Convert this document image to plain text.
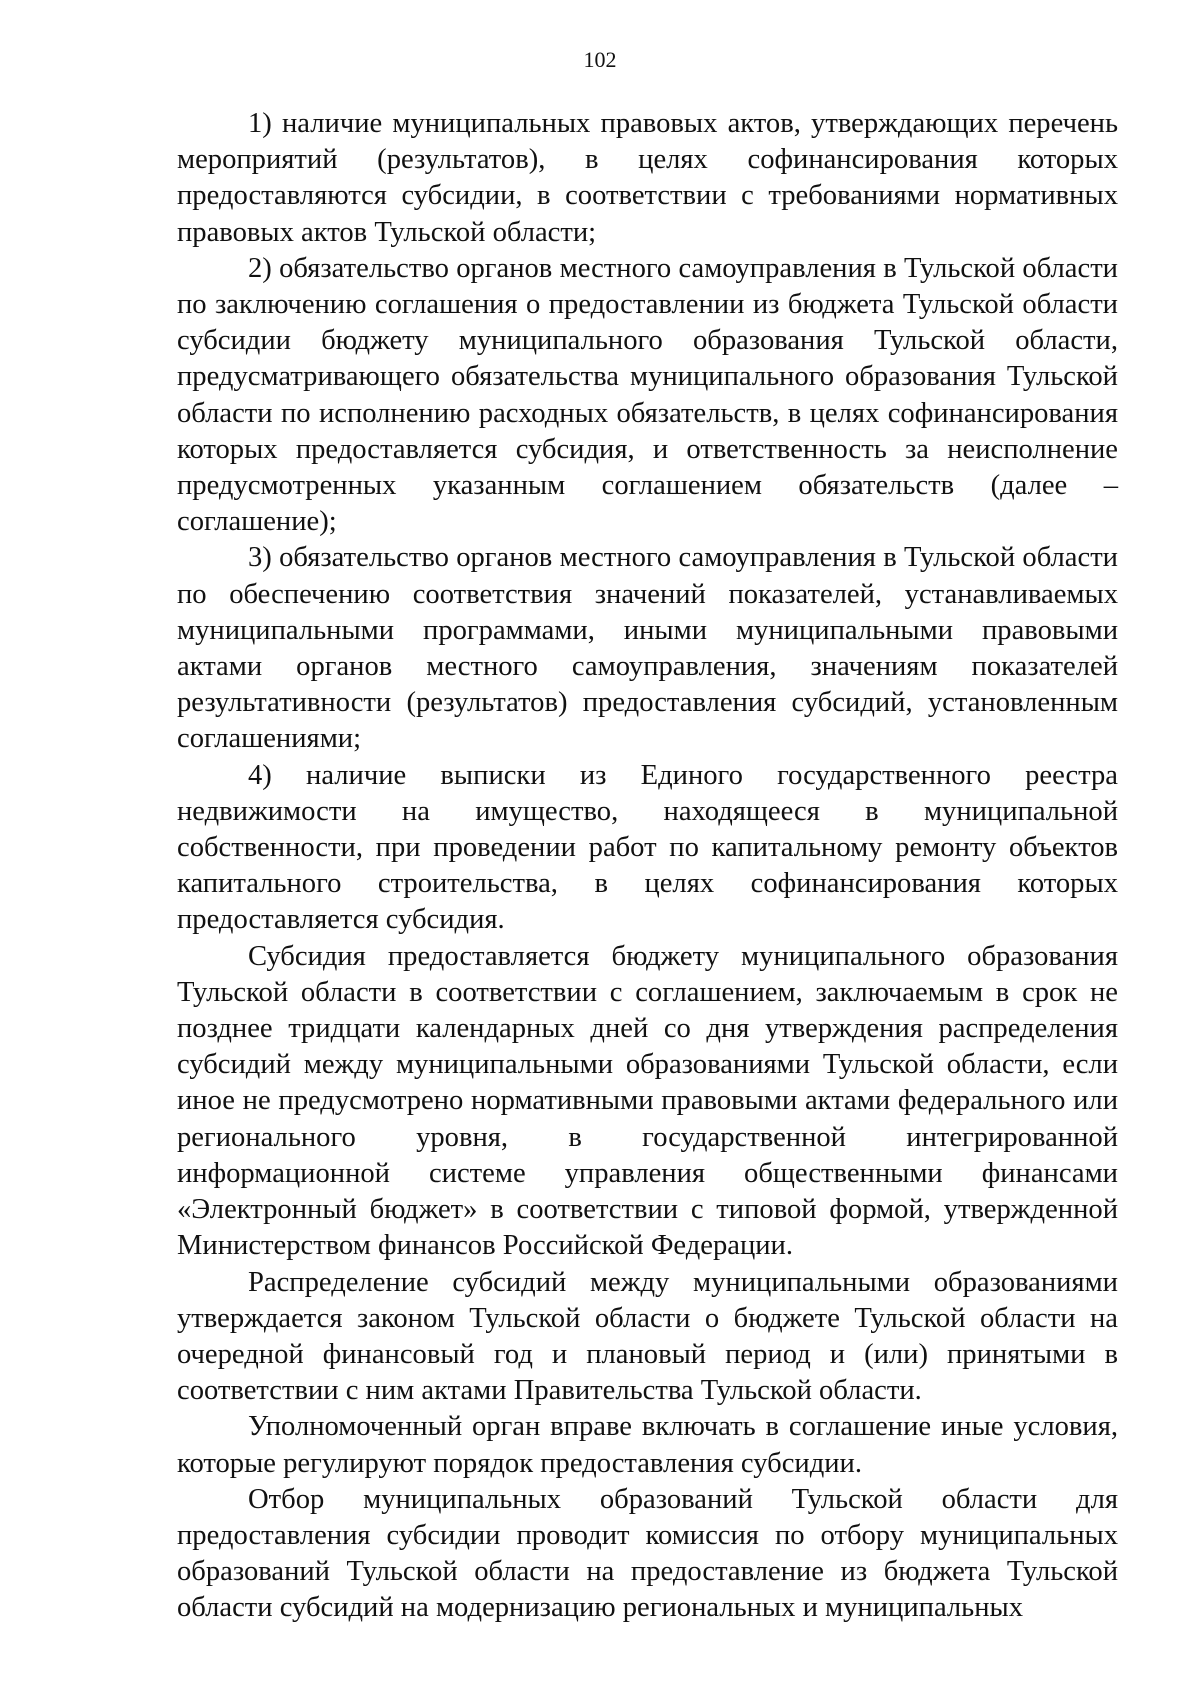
102

1) наличие муниципальных правовых актов, утверждающих перечень мероприятий (результатов), в целях софинансирования которых предоставляются субсидии, в соответствии с требованиями нормативных правовых актов Тульской области;

2) обязательство органов местного самоуправления в Тульской области по заключению соглашения о предоставлении из бюджета Тульской области субсидии бюджету муниципального образования Тульской области, предусматривающего обязательства муниципального образования Тульской области по исполнению расходных обязательств, в целях софинансирования которых предоставляется субсидия, и ответственность за неисполнение предусмотренных указанным соглашением обязательств (далее – соглашение);

3) обязательство органов местного самоуправления в Тульской области по обеспечению соответствия значений показателей, устанавливаемых муниципальными программами, иными муниципальными правовыми актами органов местного самоуправления, значениям показателей результативности (результатов) предоставления субсидий, установленным соглашениями;

4) наличие выписки из Единого государственного реестра недвижимости на имущество, находящееся в муниципальной собственности, при проведении работ по капитальному ремонту объектов капитального строительства, в целях софинансирования которых предоставляется субсидия.

Субсидия предоставляется бюджету муниципального образования Тульской области в соответствии с соглашением, заключаемым в срок не позднее тридцати календарных дней со дня утверждения распределения субсидий между муниципальными образованиями Тульской области, если иное не предусмотрено нормативными правовыми актами федерального или регионального уровня, в государственной интегрированной информационной системе управления общественными финансами «Электронный бюджет» в соответствии с типовой формой, утвержденной Министерством финансов Российской Федерации.

Распределение субсидий между муниципальными образованиями утверждается законом Тульской области о бюджете Тульской области на очередной финансовый год и плановый период и (или) принятыми в соответствии с ним актами Правительства Тульской области.

Уполномоченный орган вправе включать в соглашение иные условия, которые регулируют порядок предоставления субсидии.

Отбор муниципальных образований Тульской области для предоставления субсидии проводит комиссия по отбору муниципальных образований Тульской области на предоставление из бюджета Тульской области субсидий на модернизацию региональных и муниципальных
